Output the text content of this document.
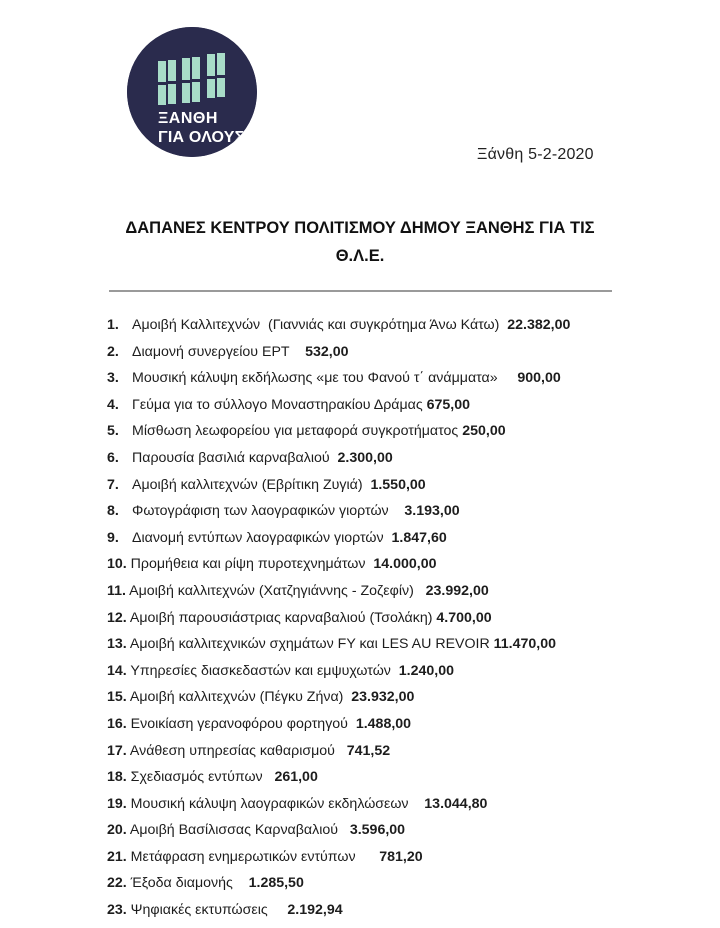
ΞΑΝΘΗ
ΓΙΑ ΟΛΟΥΣ
Ξάνθη 5-2-2020
ΔΑΠΑΝΕΣ ΚΕΝΤΡΟΥ ΠΟΛΙΤΙΣΜΟΥ ΔΗΜΟΥ ΞΑΝΘΗΣ ΓΙΑ ΤΙΣ
Θ.Λ.Ε.
1. Αμοιβή Καλλιτεχνών  (Γιαννιάς και συγκρότημα Άνω Κάτω)  22.382,00
2. Διαμονή συνεργείου ΕΡΤ    532,00
3. Μουσική κάλυψη εκδήλωσης «με του Φανού τ΄ ανάμματα»     900,00
4. Γεύμα για το σύλλογο Μοναστηρακίου Δράμας 675,00
5. Μίσθωση λεωφορείου για μεταφορά συγκροτήματος 250,00
6. Παρουσία βασιλιά καρναβαλιού  2.300,00
7. Αμοιβή καλλιτεχνών (Εβρίτικη Ζυγιά)  1.550,00
8. Φωτογράφιση των λαογραφικών γιορτών    3.193,00
9. Διανομή εντύπων λαογραφικών γιορτών  1.847,60
10. Προμήθεια και ρίψη πυροτεχνημάτων  14.000,00
11. Αμοιβή καλλιτεχνών (Χατζηγιάννης - Ζοζεφίν)   23.992,00
12. Αμοιβή παρουσιάστριας καρναβαλιού (Τσολάκη) 4.700,00
13. Αμοιβή καλλιτεχνικών σχημάτων FY και LES AU REVOIR 11.470,00
14. Υπηρεσίες διασκεδαστών και εμψυχωτών  1.240,00
15. Αμοιβή καλλιτεχνών (Πέγκυ Ζήνα)  23.932,00
16. Ενοικίαση γερανοφόρου φορτηγού  1.488,00
17. Ανάθεση υπηρεσίας καθαρισμού   741,52
18. Σχεδιασμός εντύπων   261,00
19. Μουσική κάλυψη λαογραφικών εκδηλώσεων    13.044,80
20. Αμοιβή Βασίλισσας Καρναβαλιού   3.596,00
21. Μετάφραση ενημερωτικών εντύπων      781,20
22. Έξοδα διαμονής    1.285,50
23. Ψηφιακές εκτυπώσεις     2.192,94
